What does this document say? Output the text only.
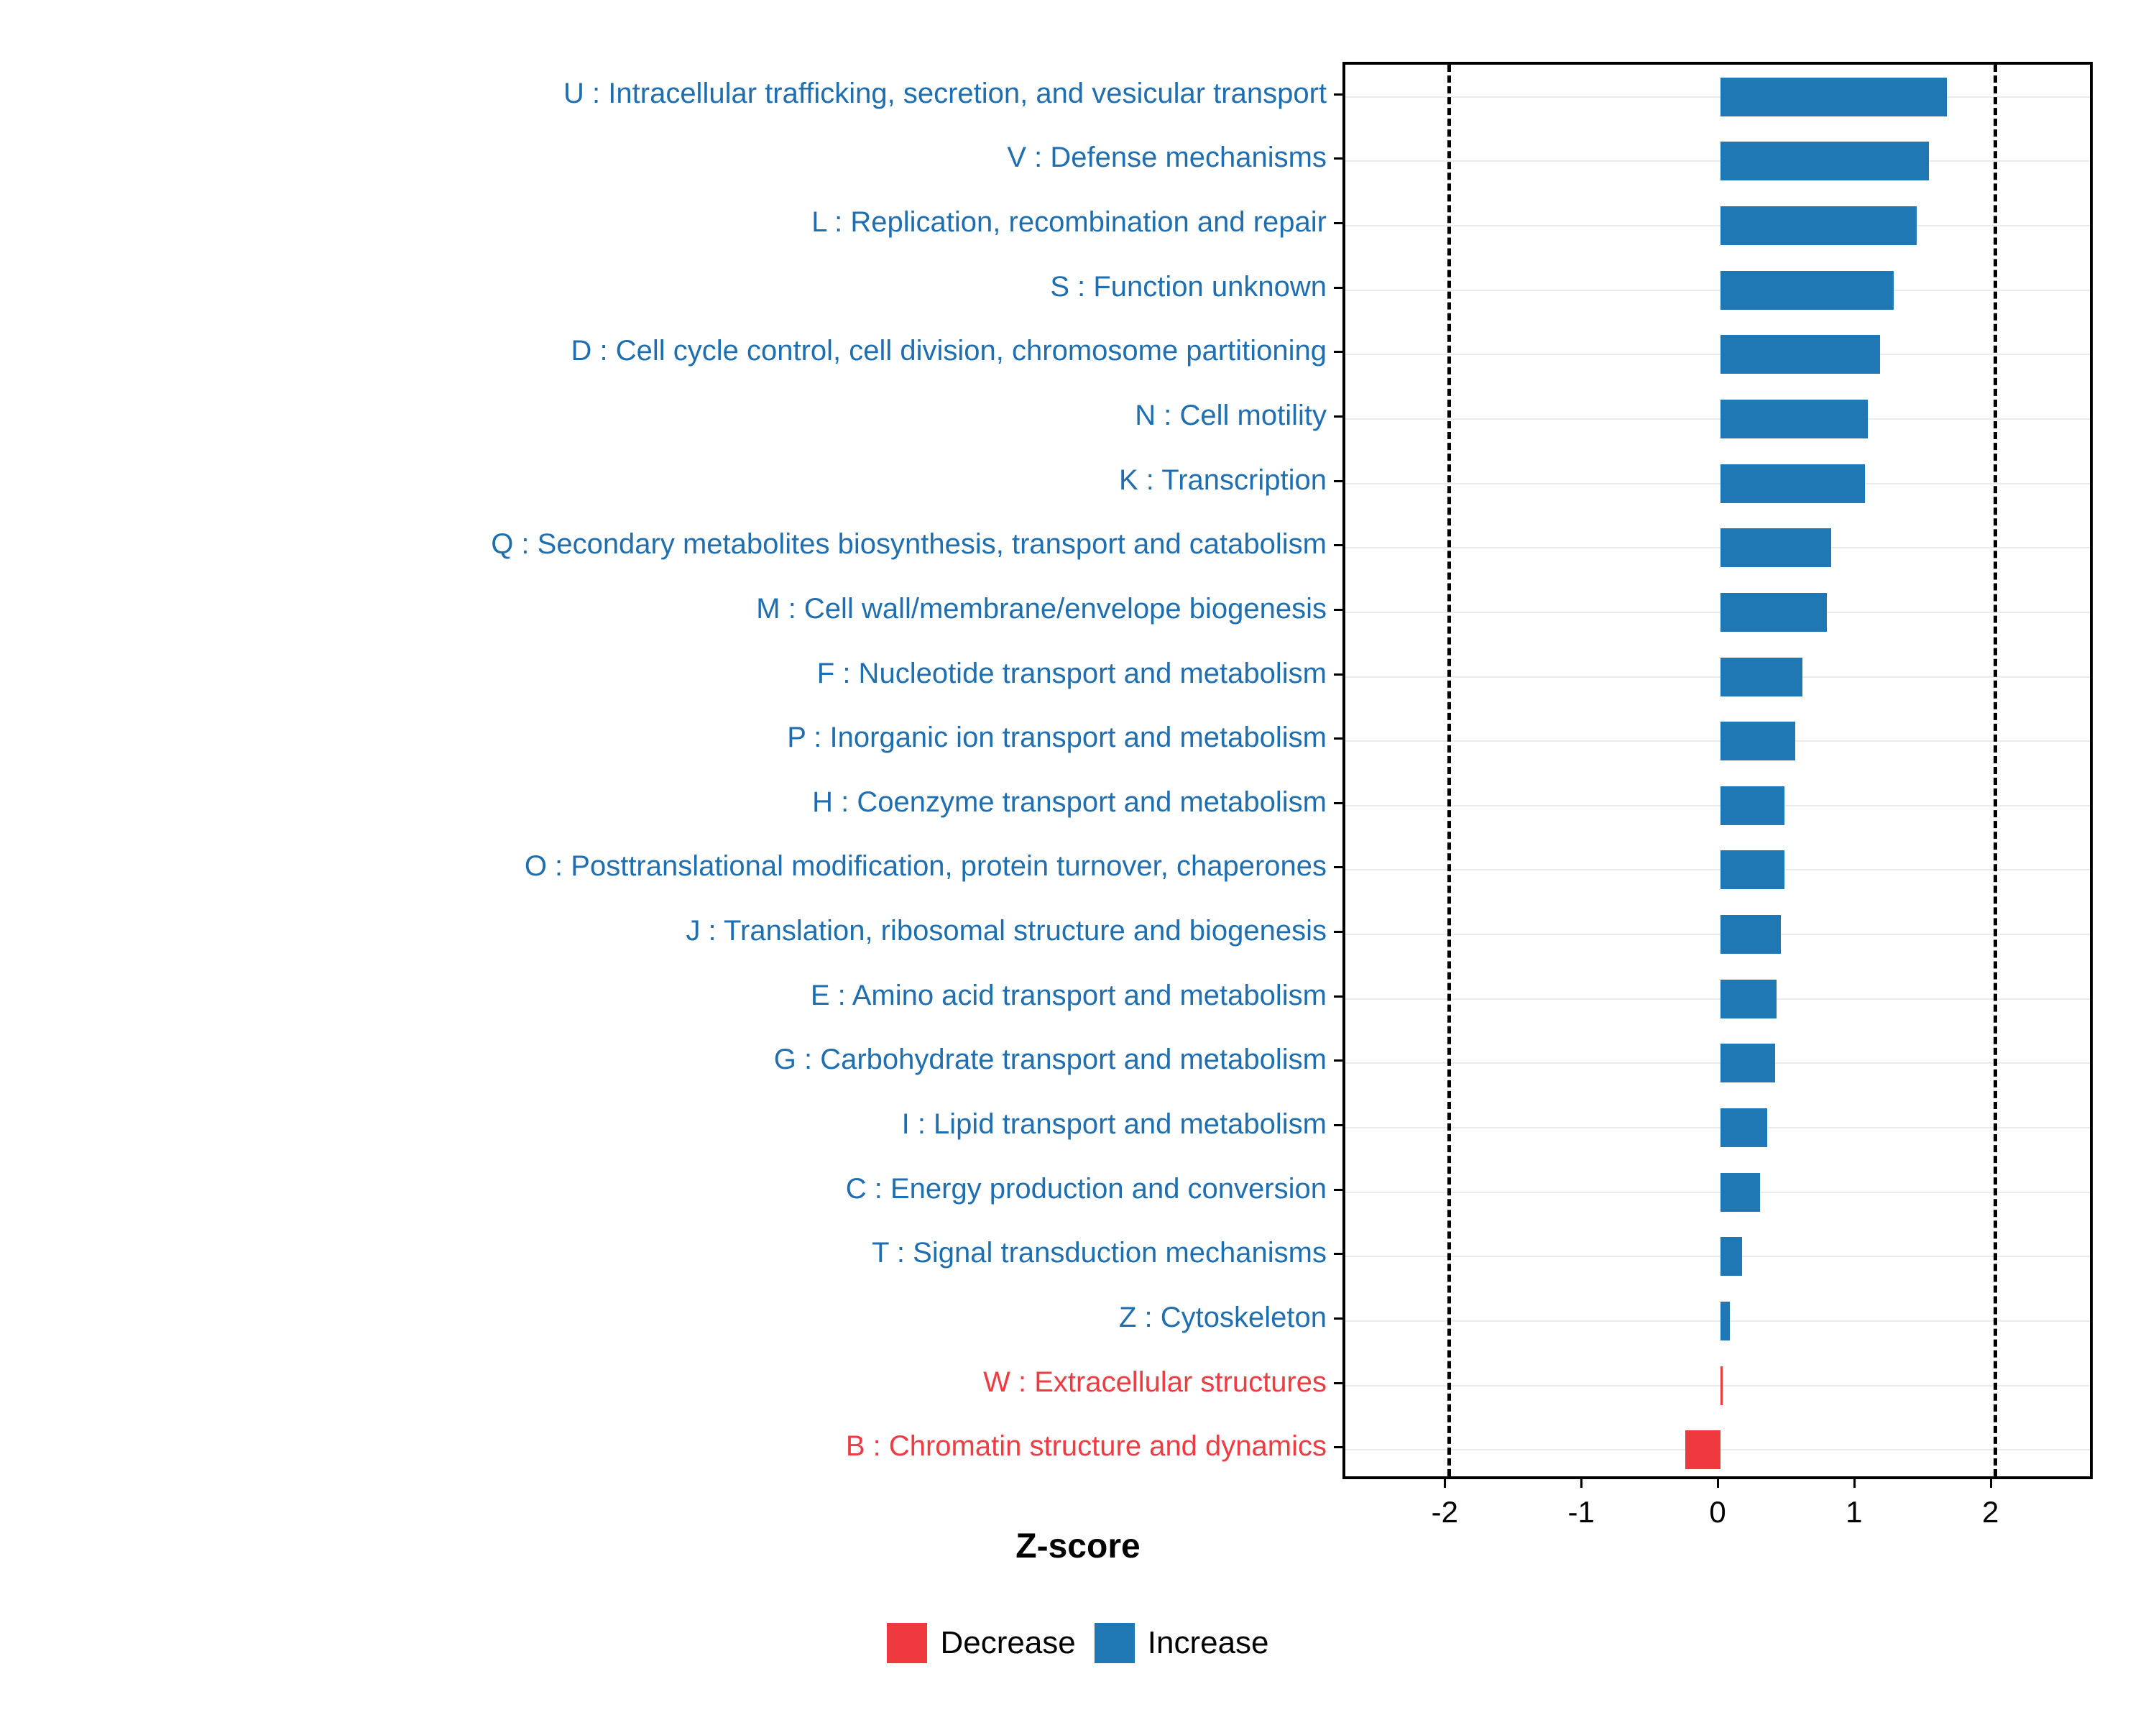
U : Intracellular trafficking, secretion, and vesicular transport
V : Defense mechanisms
L : Replication, recombination and repair
S : Function unknown
D : Cell cycle control, cell division, chromosome partitioning
N : Cell motility
K : Transcription
Q : Secondary metabolites biosynthesis, transport and catabolism
M : Cell wall/membrane/envelope biogenesis
F : Nucleotide transport and metabolism
P : Inorganic ion transport and metabolism
H : Coenzyme transport and metabolism
O : Posttranslational modification, protein turnover, chaperones
J : Translation, ribosomal structure and biogenesis
E : Amino acid transport and metabolism
G : Carbohydrate transport and metabolism
I : Lipid transport and metabolism
C : Energy production and conversion
T : Signal transduction mechanisms
Z : Cytoskeleton
W : Extracellular structures
B : Chromatin structure and dynamics
-2	-1	0	1	2
Z-score
Decrease Increase
